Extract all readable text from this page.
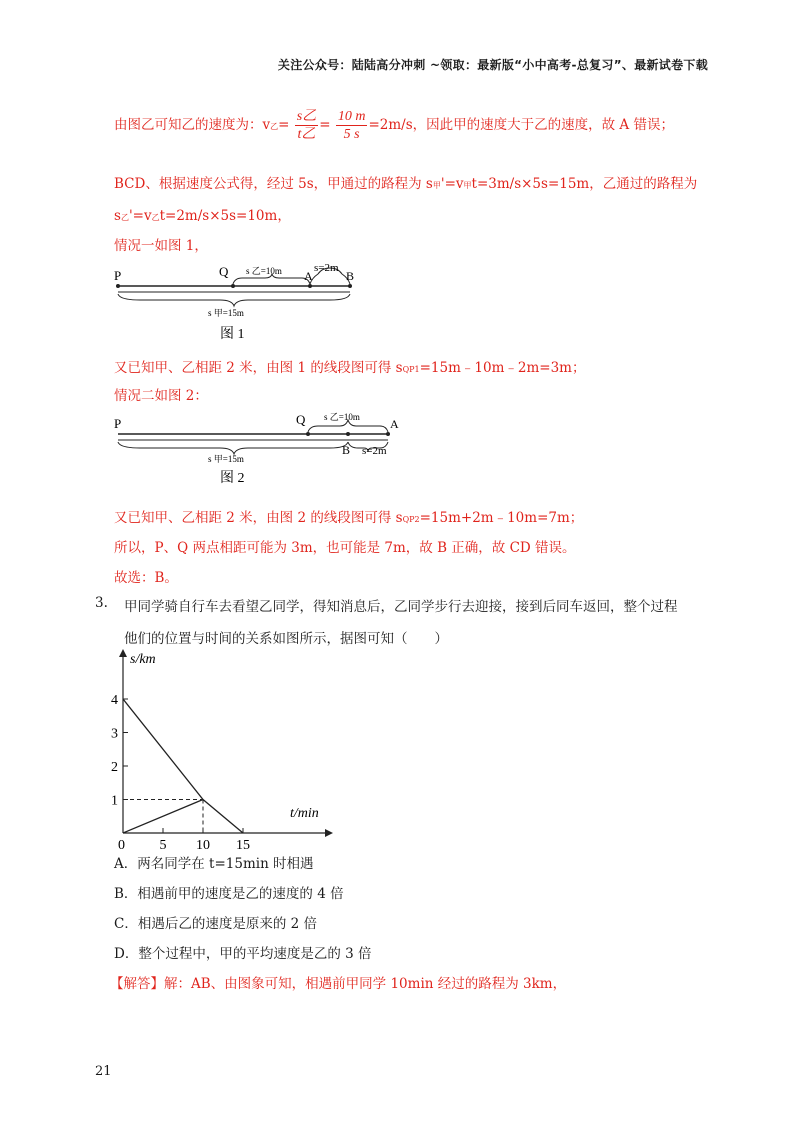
关注公众号：陆陆高分冲刺 ~领取：最新版“小中高考-总复习”、最新试卷下载
由图乙可知乙的速度为：v乙= $\frac{\text{s乙}}{\text{t乙}} = \frac{10 m}{5 s} =2m/s$，因此甲的速度大于乙的速度，故 A 错误；
BCD、根据速度公式得，经过 5s，甲通过的路程为 s甲'=v甲t=3m/s×5s=15m，乙通过的路程为
s乙'=v乙t=2m/s×5s=10m，
情况一如图 1，
P	Q	A	B
s 乙=10m	s=2m
s 甲=15m
图 1
又已知甲、乙相距 2 米，由图 1 的线段图可得 sQP1=15m﹣10m﹣2m=3m；
情况二如图 2：
P	Q	A
B
s 乙=10m
s=2m
s 甲=15m
图 2
又已知甲、乙相距 2 米，由图 2 的线段图可得 sQP2=15m+2m﹣10m=7m；
所以，P、Q 两点相距可能为 3m，也可能是 7m，故 B 正确，故 CD 错误。
故选：B。
3. 甲同学骑自行车去看望乙同学，得知消息后，乙同学步行去迎接，接到后同车返回，整个过程
他们的位置与时间的关系如图所示，据图可知（　　）
s/km
t/min
1
2
3
4
0 5 10 15
A．两名同学在 t=15min 时相遇
B．相遇前甲的速度是乙的速度的 4 倍
C．相遇后乙的速度是原来的 2 倍
D．整个过程中，甲的平均速度是乙的 3 倍
【解答】解：AB、由图象可知，相遇前甲同学 10min 经过的路程为 3km，
21
